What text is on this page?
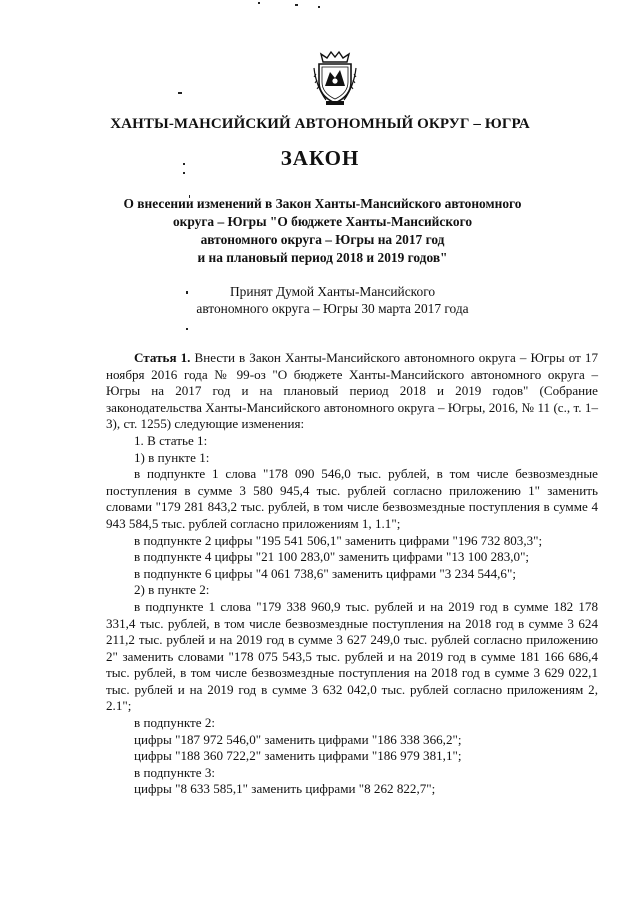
ХАНТЫ-МАНСИЙСКИЙ АВТОНОМНЫЙ ОКРУГ – ЮГРА
ЗАКОН
О внесении изменений в Закон Ханты-Мансийского автономного
округа – Югры "О бюджете Ханты-Мансийского
автономного округа – Югры на 2017 год
и на плановый период 2018 и 2019 годов"
Принят Думой Ханты-Мансийского
автономного округа – Югры 30 марта 2017 года

Статья 1. Внести в Закон Ханты-Мансийского автономного округа – Югры от 17 ноября 2016 года № 99-оз "О бюджете Ханты-Мансийского автономного округа – Югры на 2017 год и на плановый период 2018 и 2019 годов" (Собрание законодательства Ханты-Мансийского автономного округа – Югры, 2016, № 11 (с., т. 1–3), ст. 1255) следующие изменения:

1. В статье 1:

1) в пункте 1:

в подпункте 1 слова "178 090 546,0 тыс. рублей, в том числе безвозмездные поступления в сумме 3 580 945,4 тыс. рублей согласно приложению 1" заменить словами "179 281 843,2 тыс. рублей, в том числе безвозмездные поступления в сумме 4 943 584,5 тыс. рублей согласно приложениям 1, 1.1";

в подпункте 2 цифры "195 541 506,1" заменить цифрами "196 732 803,3";

в подпункте 4 цифры "21 100 283,0" заменить цифрами "13 100 283,0";

в подпункте 6 цифры "4 061 738,6" заменить цифрами "3 234 544,6";

2) в пункте 2:

в подпункте 1 слова "179 338 960,9 тыс. рублей и на 2019 год в сумме 182 178 331,4 тыс. рублей, в том числе безвозмездные поступления на 2018 год в сумме 3 624 211,2 тыс. рублей и на 2019 год в сумме 3 627 249,0 тыс. рублей согласно приложению 2" заменить словами "178 075 543,5 тыс. рублей и на 2019 год в сумме 181 166 686,4 тыс. рублей, в том числе безвозмездные поступления на 2018 год в сумме 3 629 022,1 тыс. рублей и на 2019 год в сумме 3 632 042,0 тыс. рублей согласно приложениям 2, 2.1";

в подпункте 2:

цифры "187 972 546,0" заменить цифрами "186 338 366,2";

цифры "188 360 722,2" заменить цифрами "186 979 381,1";

в подпункте 3:

цифры "8 633 585,1" заменить цифрами "8 262 822,7";
